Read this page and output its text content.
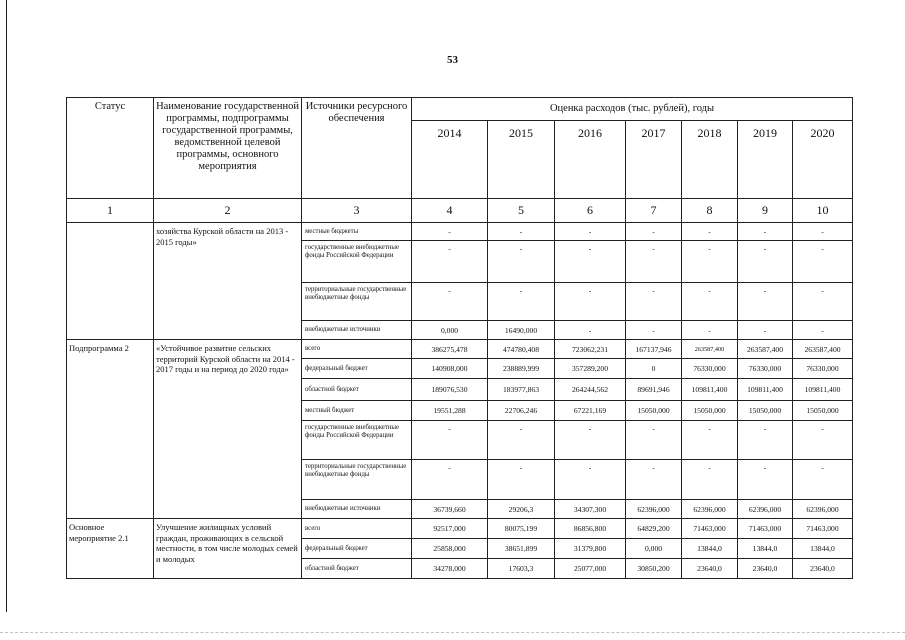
53
Статус	Наименование государственной программы, подпрограммы государственной программы, ведомственной целевой программы, основного мероприятия	Источники ресурсного обеспечения	Оценка расходов (тыс. рублей), годы						
			2014	2015	2016	2017	2018	2019	2020
1	2	3	4	5	6	7	8	9	10
	хозяйства Курской области на 2013 - 2015 годы»	местные бюджеты	-	-	-	-	-	-	-
		государственные внебюджетные фонды Российской Федерации	-	-	-	-	-	-	-
		территориальные государственные внебюджетные фонды	-	-	-	-	-	-	-
		внебюджетные источники	0,000	16490,000	-	-	-	-	-
Подпрограмма 2	«Устойчивое развитие сельских территорий Курской области на 2014 - 2017 годы и на период до 2020 года»	всего	386275,478	474780,408	723062,231	167137,946	263587,400	263587,400	263587,400
		федеральный бюджет	140908,000	238889,999	357289,200	0	76330,000	76330,000	76330,000
		областной бюджет	189076,530	183977,863	264244,562	89691,946	109811,400	109811,400	109811,400
		местный бюджет	19551,288	22706,246	67221,169	15050,000	15050,000	15050,000	15050,000
		государственные внебюджетные фонды Российской Федерации	-	-	-	-	-	-	-
		территориальные государственные внебюджетные фонды	-	-	-	-	-	-	-
		внебюджетные источники	36739,660	29206,3	34307,300	62396,000	62396,000	62396,000	62396,000
Основное мероприятие 2.1	Улучшение жилищных условий граждан, проживающих в сельской местности, в том числе молодых семей и молодых	всего	92517,000	80075,199	86856,800	64829,200	71463,000	71463,000	71463,000
		федеральный бюджет	25858,000	38651,899	31379,800	0,000	13844,0	13844,0	13844,0
		областной бюджет	34278,000	17603,3	25077,000	30850,200	23640,0	23640,0	23640,0
